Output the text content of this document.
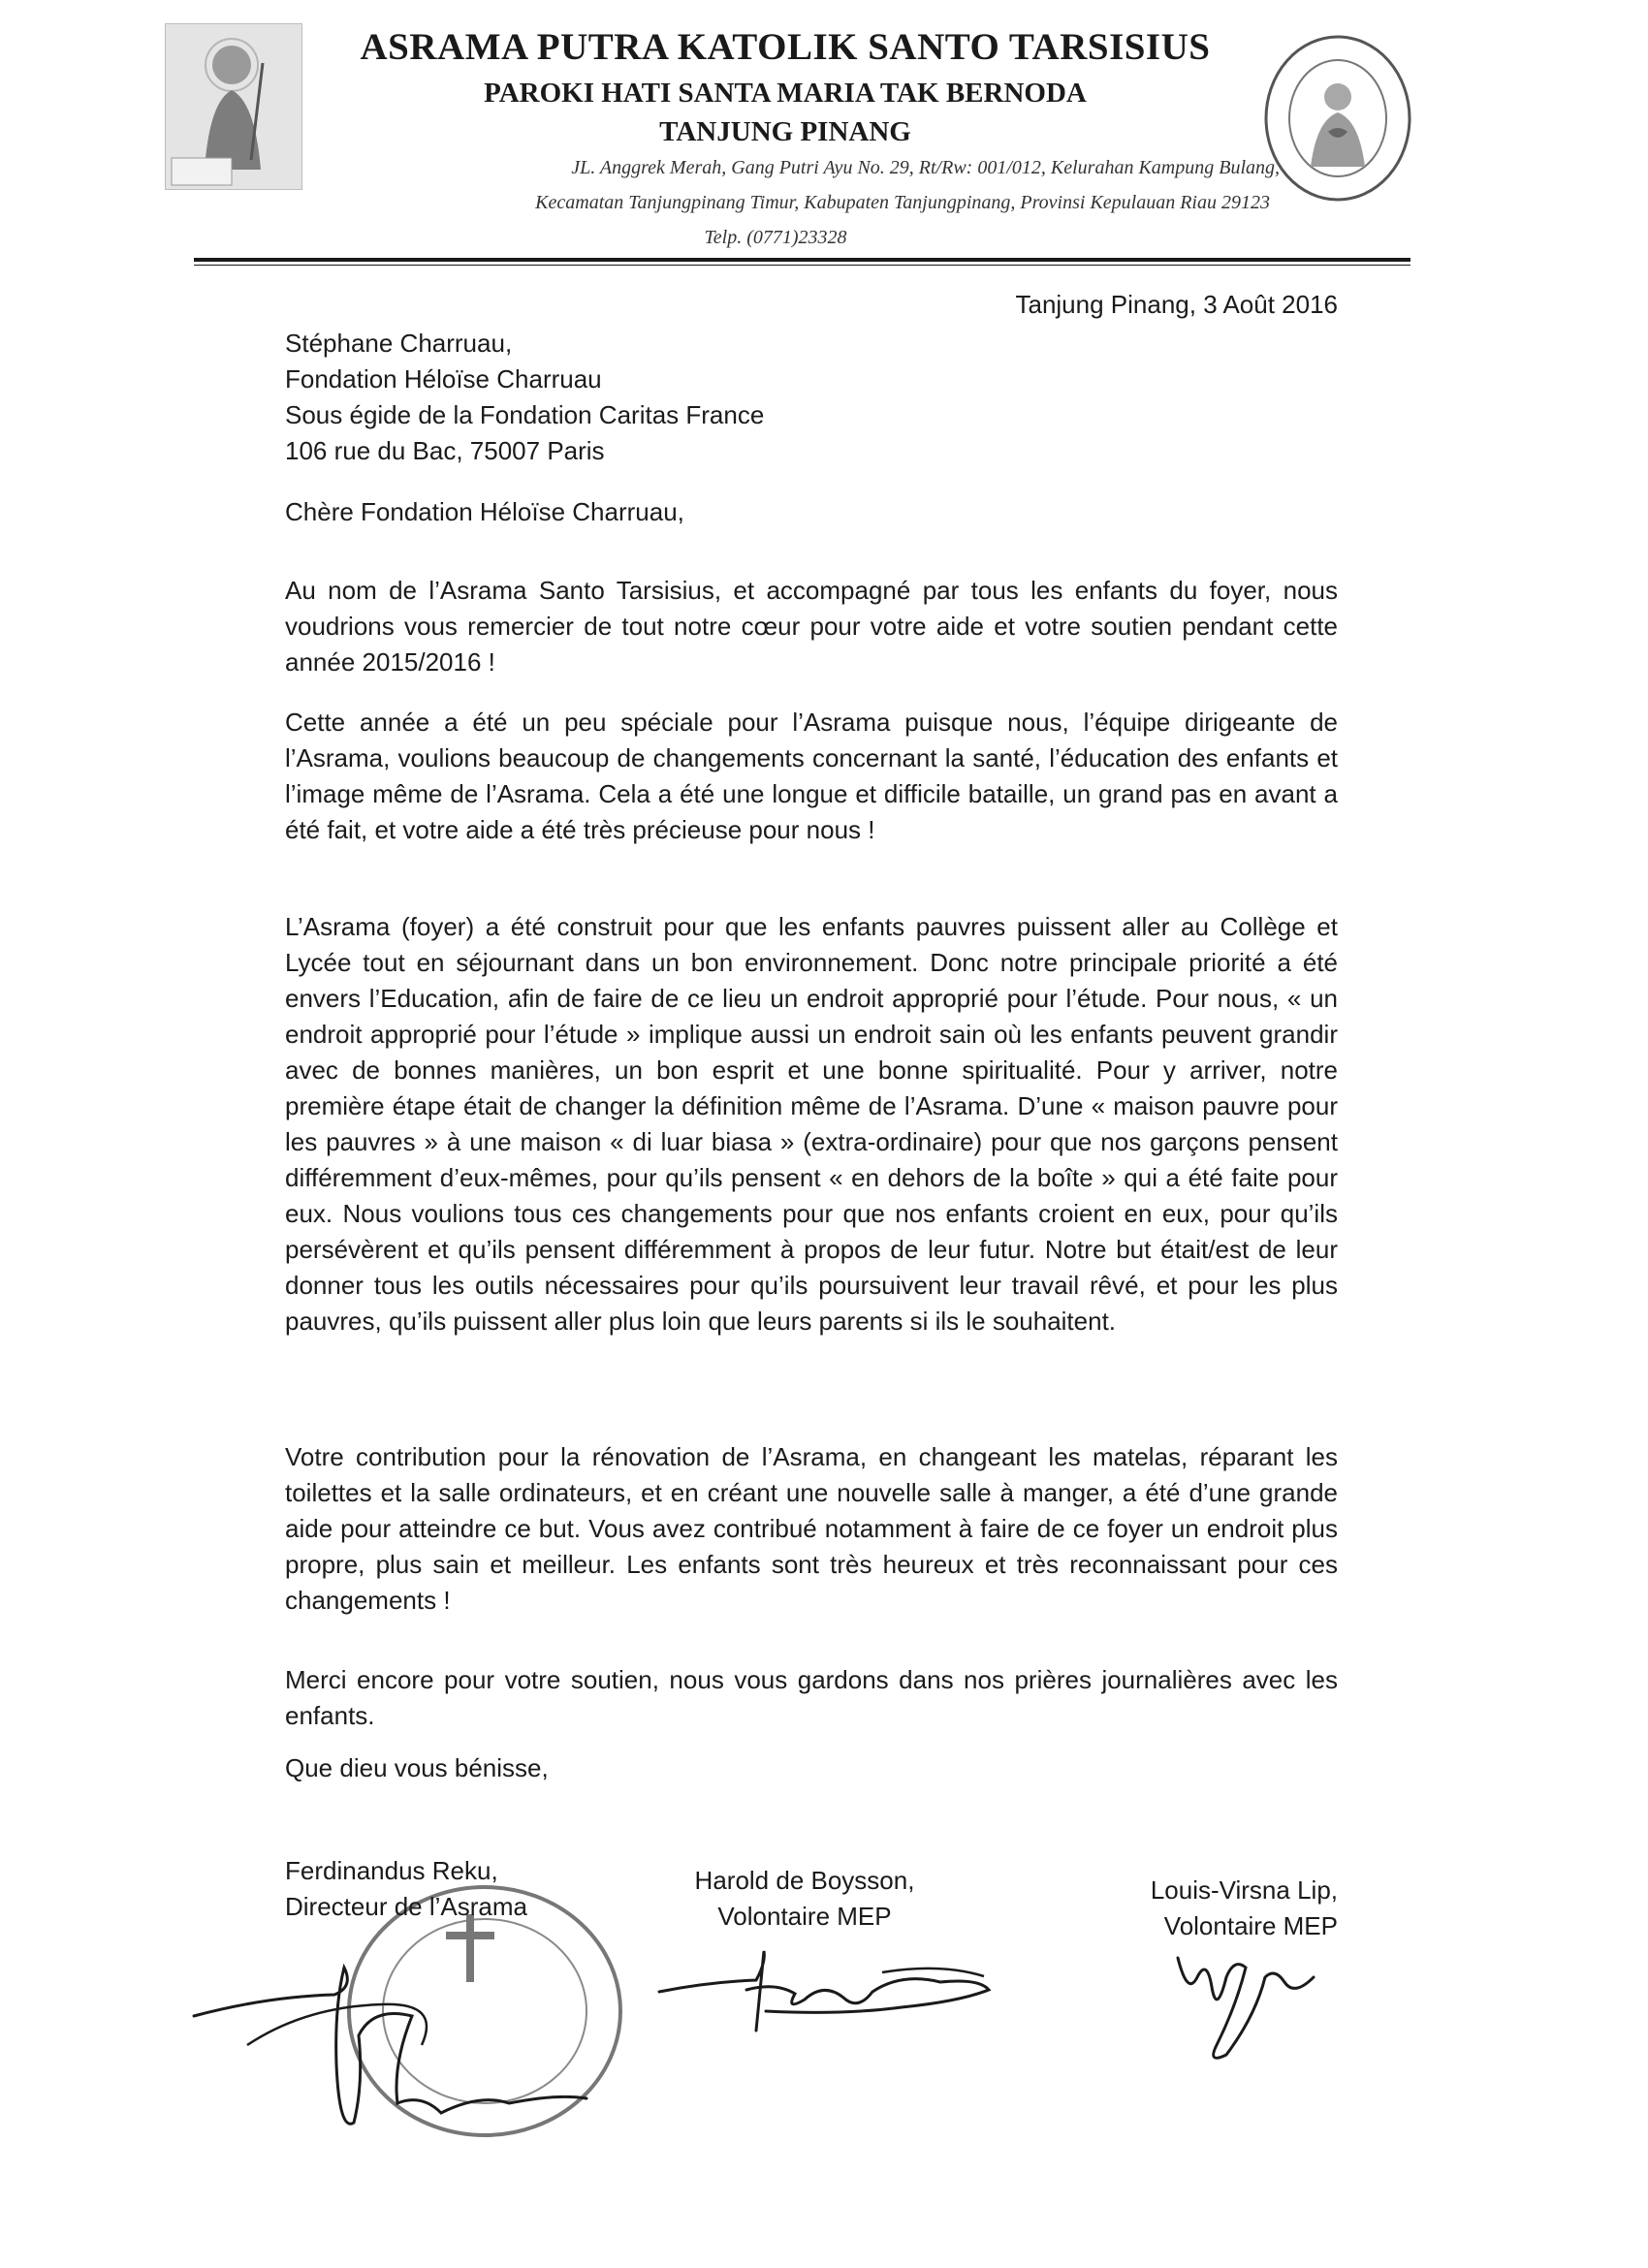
ASRAMA PUTRA KATOLIK SANTO TARSISIUS
PAROKI HATI SANTA MARIA TAK BERNODA
TANJUNG PINANG
JL. Anggrek Merah, Gang Putri Ayu No. 29, Rt/Rw: 001/012, Kelurahan Kampung Bulang,
Kecamatan Tanjungpinang Timur, Kabupaten Tanjungpinang, Provinsi Kepulauan Riau 29123
Telp. (0771)23328
Tanjung Pinang, 3 Août 2016
Stéphane Charruau,
Fondation Héloïse Charruau
Sous égide de la Fondation Caritas France
106 rue du Bac, 75007 Paris
Chère Fondation Héloïse Charruau,
Au nom de l’Asrama Santo Tarsisius, et accompagné par tous les enfants du foyer, nous voudrions vous remercier de tout notre cœur pour votre aide et votre soutien pendant cette année 2015/2016 !
Cette année a été un peu spéciale pour l’Asrama puisque nous, l’équipe dirigeante de l’Asrama, voulions beaucoup de changements concernant la santé, l’éducation des enfants et l’image même de l’Asrama. Cela a été une longue et difficile bataille, un grand pas en avant a été fait, et votre aide a été très précieuse pour nous !
L’Asrama (foyer) a été construit pour que les enfants pauvres puissent aller au Collège et Lycée tout en séjournant dans un bon environnement. Donc notre principale priorité a été envers l’Education, afin de faire de ce lieu un endroit approprié pour l’étude. Pour nous, « un endroit approprié pour l’étude » implique aussi un endroit sain où les enfants peuvent grandir avec de bonnes manières, un bon esprit et une bonne spiritualité. Pour y arriver, notre première étape était de changer la définition même de l’Asrama. D’une « maison pauvre pour les pauvres » à une maison « di luar biasa » (extra-ordinaire) pour que nos garçons pensent différemment d’eux-mêmes, pour qu’ils pensent « en dehors de la boîte » qui a été faite pour eux. Nous voulions tous ces changements pour que nos enfants croient en eux, pour qu’ils persévèrent et qu’ils pensent différemment à propos de leur futur. Notre but était/est de leur donner tous les outils nécessaires pour qu’ils poursuivent leur travail rêvé, et pour les plus pauvres, qu’ils puissent aller plus loin que leurs parents si ils le souhaitent.
Votre contribution pour la rénovation de l’Asrama, en changeant les matelas, réparant les toilettes et la salle ordinateurs, et en créant une nouvelle salle à manger, a été d’une grande aide pour atteindre ce but. Vous avez contribué notamment à faire de ce foyer un endroit plus propre, plus sain et meilleur. Les enfants sont très heureux et très reconnaissant pour ces changements !
Merci encore pour votre soutien, nous vous gardons dans nos prières journalières avec les enfants.
Que dieu vous bénisse,
Ferdinandus Reku,
Directeur de l’Asrama
Harold de Boysson,
Volontaire MEP
Louis-Virsna Lip,
Volontaire MEP
